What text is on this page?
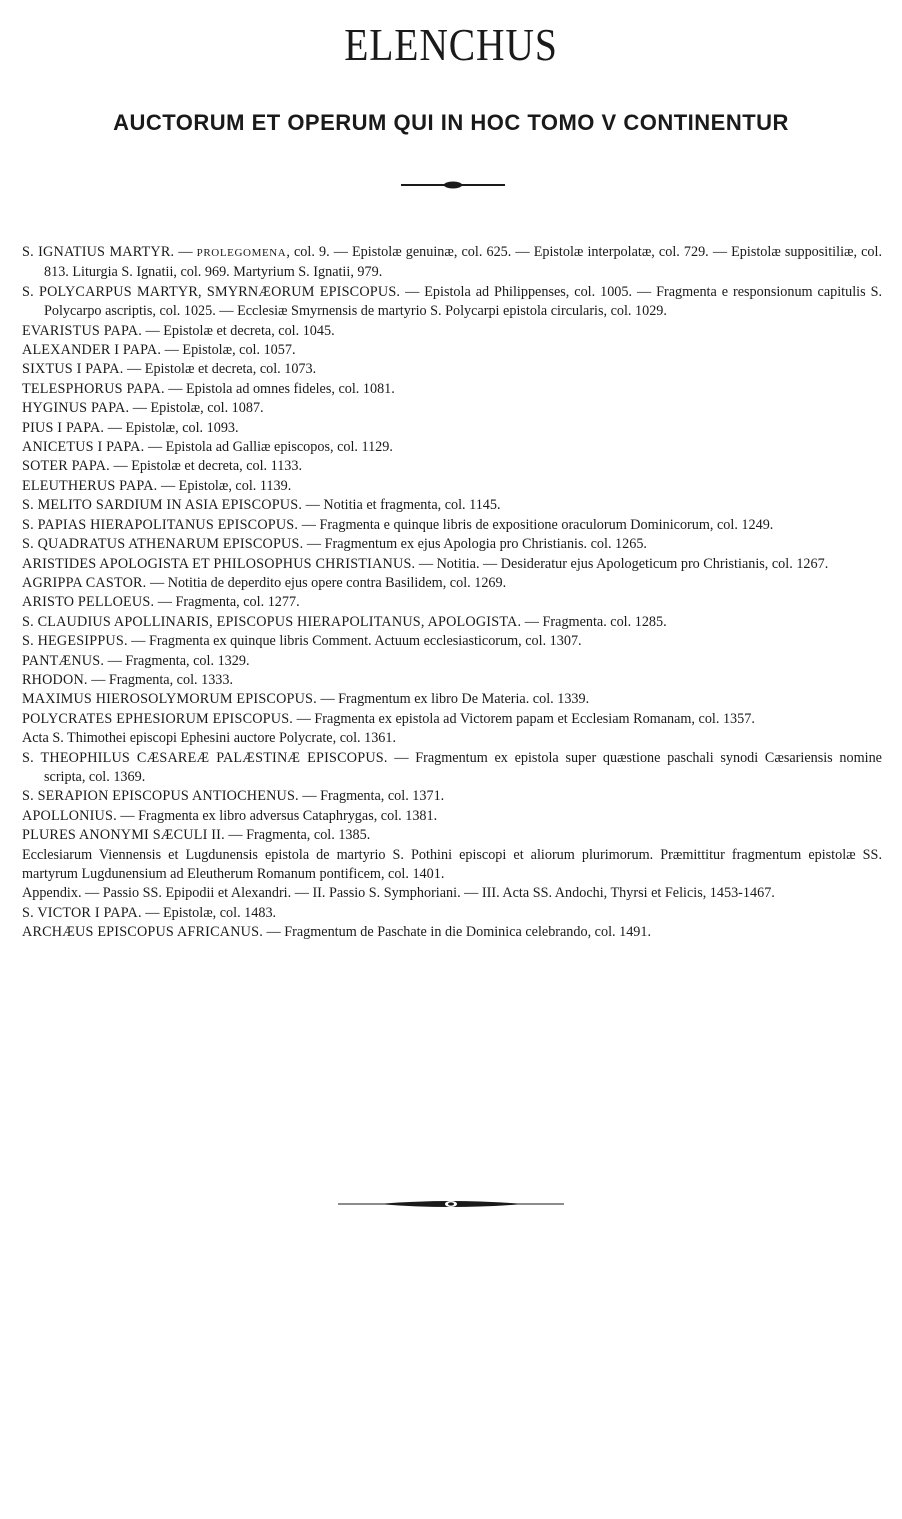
ELENCHUS
AUCTORUM ET OPERUM QUI IN HOC TOMO V CONTINENTUR
S. IGNATIUS MARTYR. — PROLEGOMENA, col. 9. — Epistolæ genuinæ, col. 625. — Epistolæ interpolatæ, col. 729. — Epistolæ suppositiliæ, col. 813. Liturgia S. Ignatii, col. 969. Martyrium S. Ignatii, 979.
S. POLYCARPUS MARTYR, SMYRNÆORUM EPISCOPUS. — Epistola ad Philippenses, col. 1005. — Fragmenta e responsionum capitulis S. Polycarpo ascriptis, col. 1025. — Ecclesiæ Smyrnensis de martyrio S. Polycarpi epistola circularis, col. 1029.
EVARISTUS PAPA. — Epistolæ et decreta, col. 1045.
ALEXANDER I PAPA. — Epistolæ, col. 1057.
SIXTUS I PAPA. — Epistolæ et decreta, col. 1073.
TELESPHORUS PAPA. — Epistola ad omnes fideles, col. 1081.
HYGINUS PAPA. — Epistolæ, col. 1087.
PIUS I PAPA. — Epistolæ, col. 1093.
ANICETUS I PAPA. — Epistola ad Galliæ episcopos, col. 1129.
SOTER PAPA. — Epistolæ et decreta, col. 1133.
ELEUTHERUS PAPA. — Epistolæ, col. 1139.
S. MELITO SARDIUM IN ASIA EPISCOPUS. — Notitia et fragmenta, col. 1145.
S. PAPIAS HIERAPOLITANUS EPISCOPUS. — Fragmenta e quinque libris de expositione oraculorum Dominicorum, col. 1249.
S. QUADRATUS ATHENARUM EPISCOPUS. — Fragmentum ex ejus Apologia pro Christianis. col. 1265.
ARISTIDES APOLOGISTA ET PHILOSOPHUS CHRISTIANUS. — Notitia. — Desideratur ejus Apologeticum pro Christianis, col. 1267.
AGRIPPA CASTOR. — Notitia de deperdito ejus opere contra Basilidem, col. 1269.
ARISTO PELLOEUS. — Fragmenta, col. 1277.
S. CLAUDIUS APOLLINARIS, EPISCOPUS HIERAPOLITANUS, APOLOGISTA. — Fragmenta. col. 1285.
S. HEGESIPPUS. — Fragmenta ex quinque libris Comment. Actuum ecclesiasticorum, col. 1307.
PANTÆNUS. — Fragmenta, col. 1329.
RHODON. — Fragmenta, col. 1333.
MAXIMUS HIEROSOLYMORUM EPISCOPUS. — Fragmentum ex libro De Materia. col. 1339.
POLYCRATES EPHESIORUM EPISCOPUS. — Fragmenta ex epistola ad Victorem papam et Ecclesiam Romanam, col. 1357.
Acta S. Thimothei episcopi Ephesini auctore Polycrate, col. 1361.
S. THEOPHILUS CÆSAREÆ PALÆSTINÆ EPISCOPUS. — Fragmentum ex epistola super quæstione paschali synodi Cæsariensis nomine scripta, col. 1369.
S. SERAPION EPISCOPUS ANTIOCHENUS. — Fragmenta, col. 1371.
APOLLONIUS. — Fragmenta ex libro adversus Cataphrygas, col. 1381.
PLURES ANONYMI SÆCULI II. — Fragmenta, col. 1385.
Ecclesiarum Viennensis et Lugdunensis epistola de martyrio S. Pothini episcopi et aliorum plurimorum. Præmittitur fragmentum epistolæ SS. martyrum Lugdunensium ad Eleutherum Romanum pontificem, col. 1401.
Appendix. — Passio SS. Epipodii et Alexandri. — II. Passio S. Symphoriani. — III. Acta SS. Andochi, Thyrsi et Felicis, 1453-1467.
S. VICTOR I PAPA. — Epistolæ, col. 1483.
ARCHÆUS EPISCOPUS AFRICANUS. — Fragmentum de Paschate in die Dominica celebrando, col. 1491.
